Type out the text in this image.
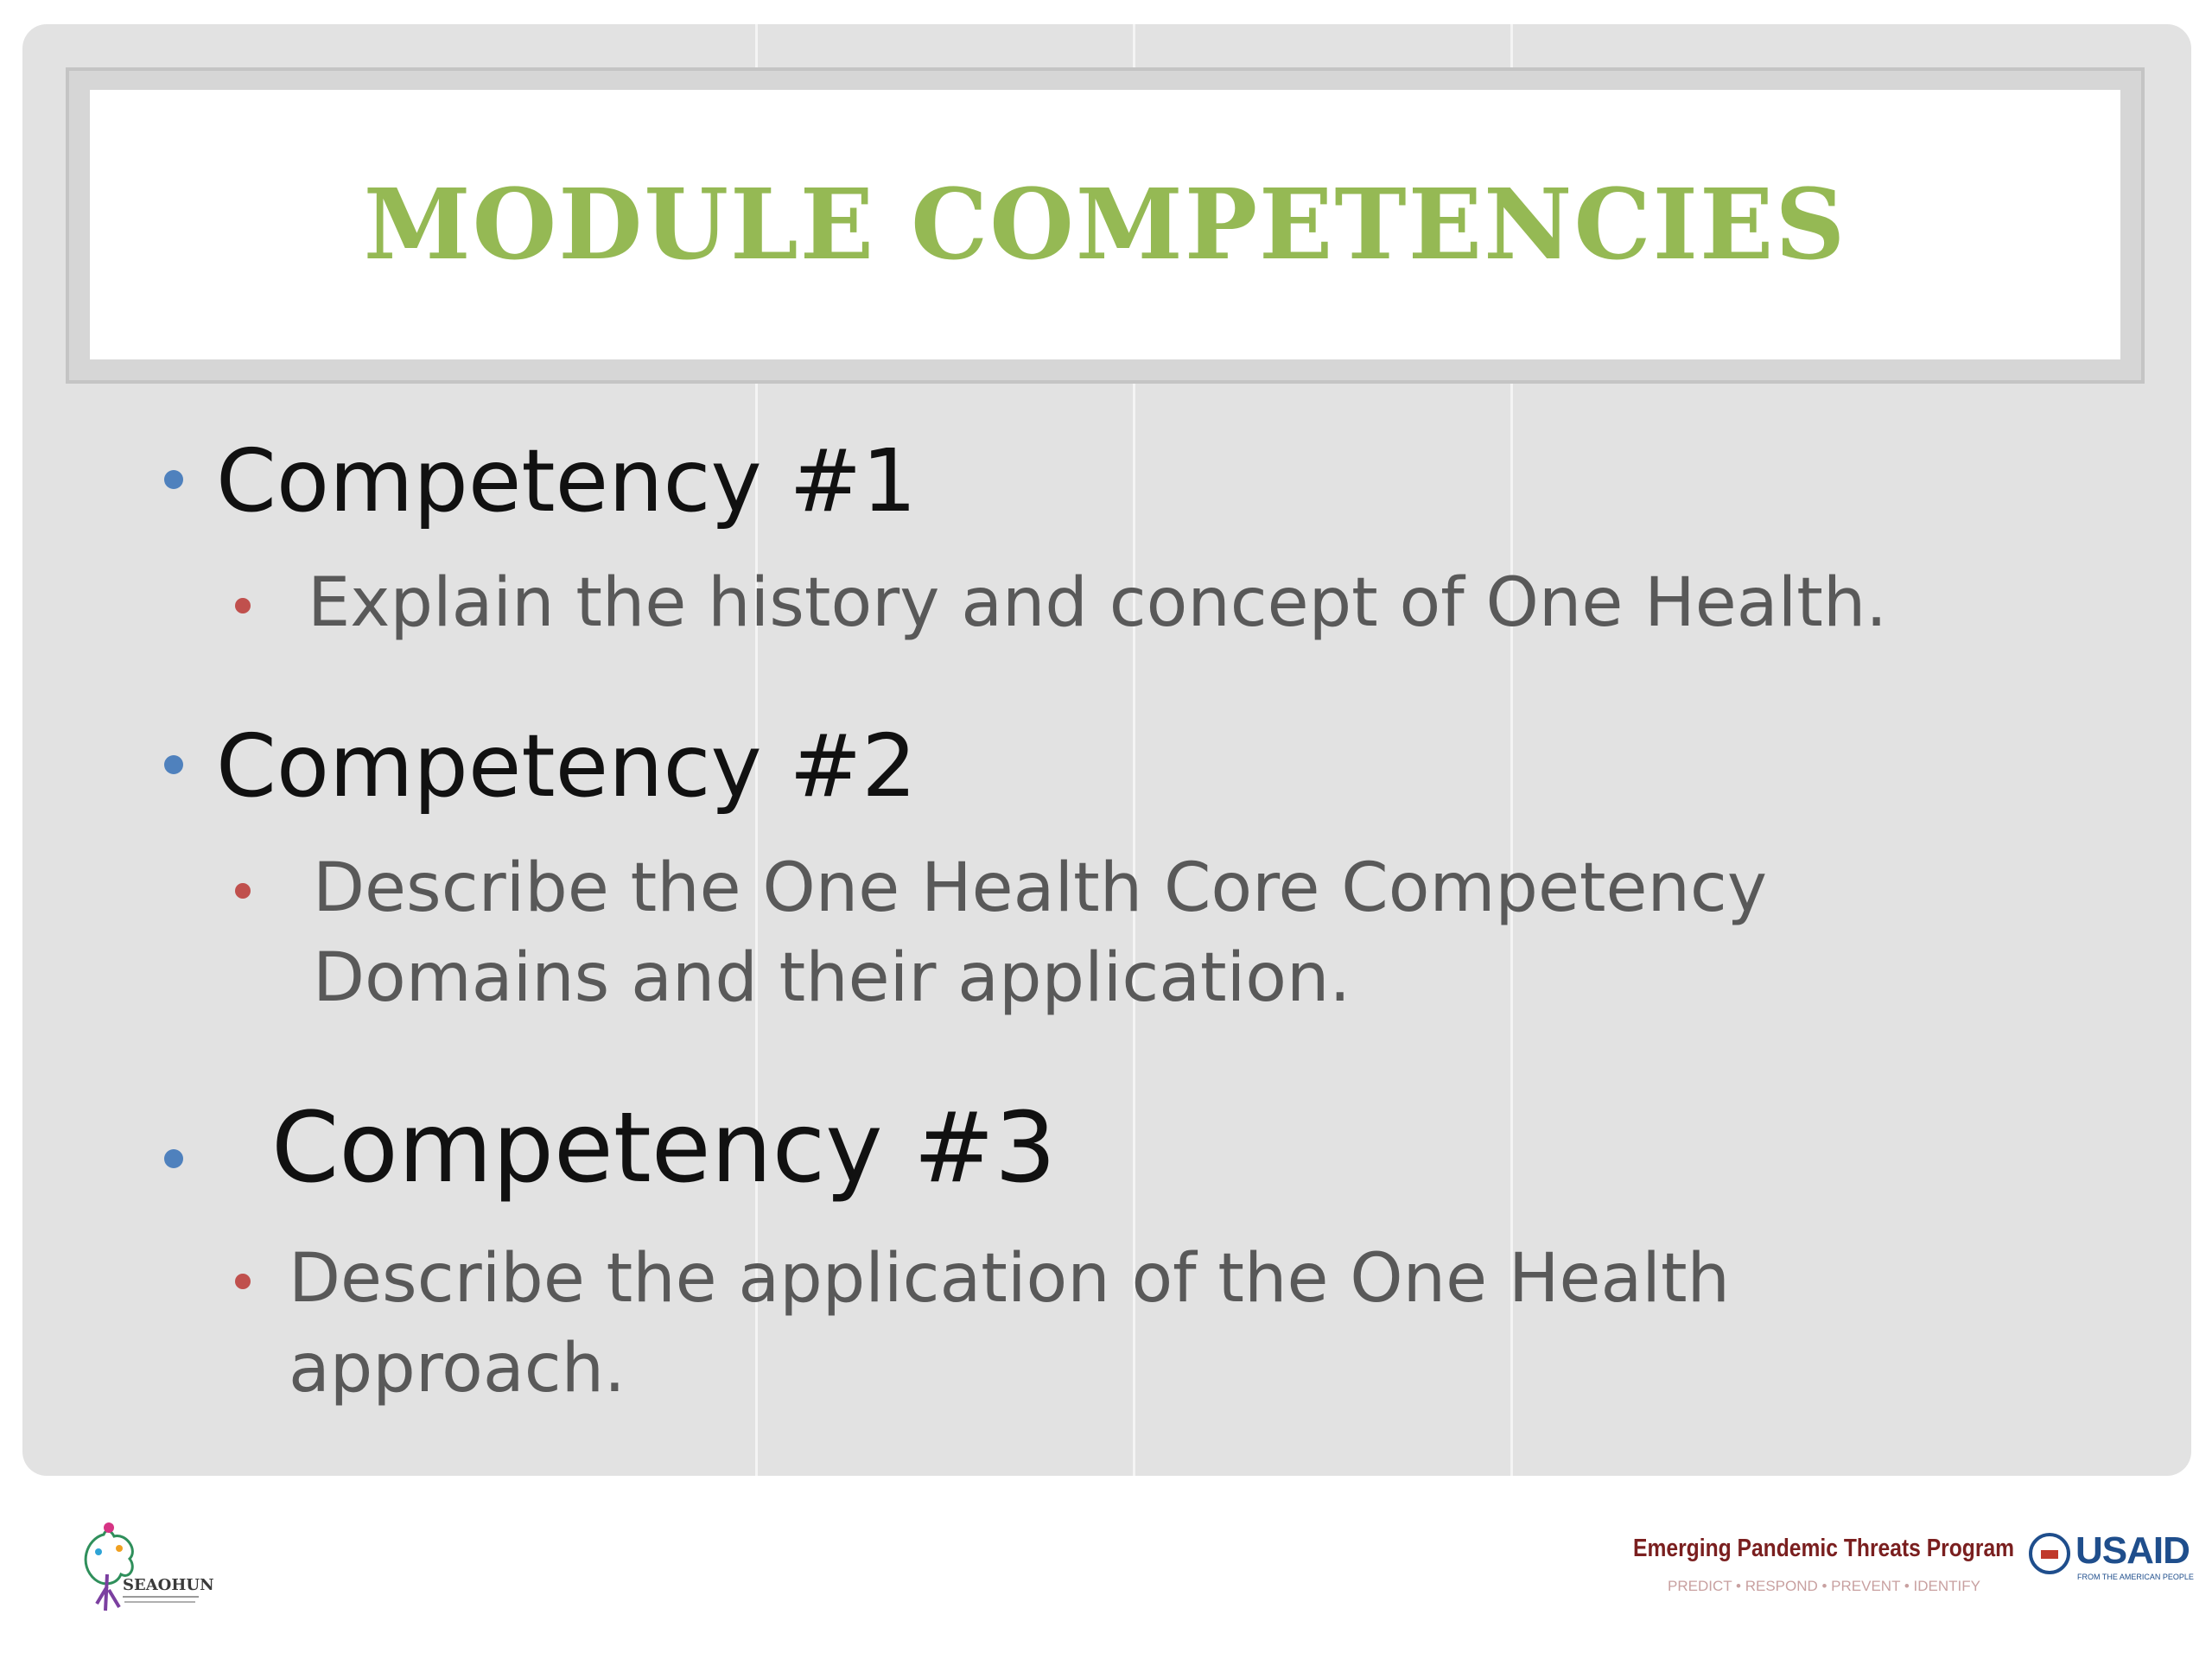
MODULE COMPETENCIES
Competency #1
Explain the history and concept of One Health.
Competency #2
Describe the One Health Core Competency
Domains and their application.
Competency #3
Describe the application of the One Health
approach.
SEAOHUN
Emerging Pandemic Threats Program
PREDICT • RESPOND • PREVENT • IDENTIFY
USAID
FROM THE AMERICAN PEOPLE
